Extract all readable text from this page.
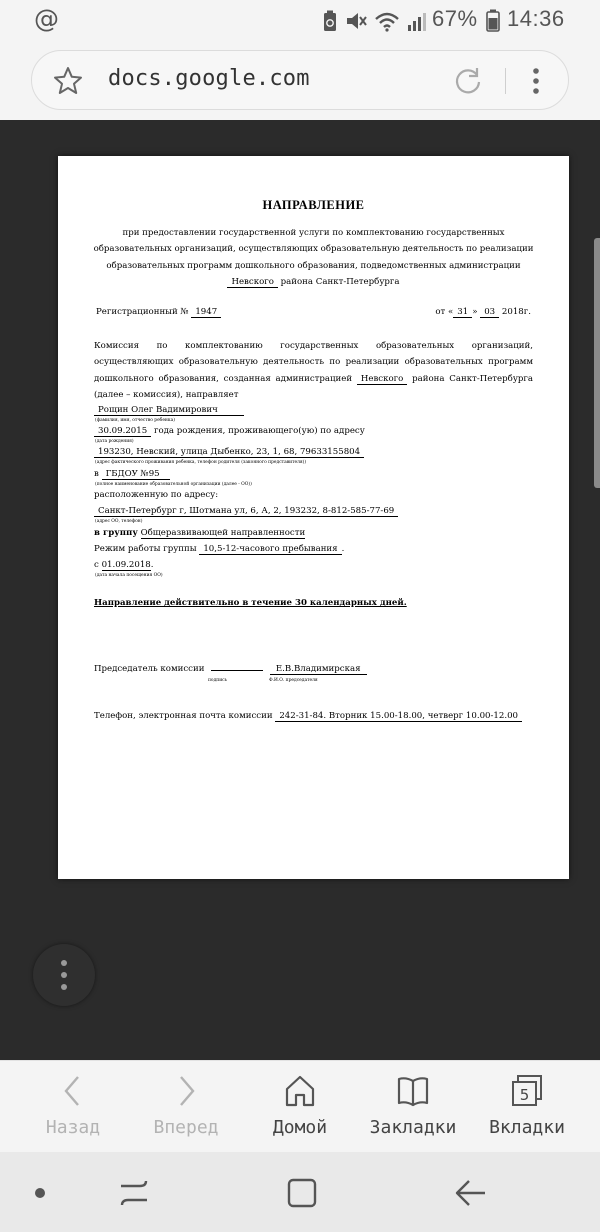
@	67% 14:36
docs.google.com
НАПРАВЛЕНИЕ
при предоставлении государственной услуги по комплектованию государственных
образовательных организаций, осуществляющих образовательную деятельность по реализации
образовательных программ дошкольного образования, подведомственных администрации
Невского района Санкт-Петербурга
Регистрационный № 1947	от « 31 » 03 2018г.
Комиссия по комплектованию государственных образовательных организаций, осуществляющих образовательную деятельность по реализации образовательных программ дошкольного образования, созданная администрацией Невского района Санкт-Петербурга (далее – комиссия), направляет
Рощин Олег Вадимирович
(фамилия, имя, отчество ребенка)
30.09.2015 года рождения, проживающего(ую) по адресу
(дата рождения)
193230, Невский, улица Дыбенко, 23, 1, 68, 79633155804
(адрес фактического проживания ребенка, телефон родителя (законного представителя))
в ГБДОУ №95
(полное наименование образовательной организации (далее - ОО))
расположенную по адресу:
Санкт-Петербург г, Шотмана ул, 6, А, 2, 193232, 8-812-585-77-69
(адрес ОО, телефон)
в группу Общеразвивающей направленности
Режим работы группы 10,5-12-часового пребывания .
с 01.09.2018.
(дата начала посещения ОО)
Направление действительно в течение 30 календарных дней.
Председатель комиссии	Е.В.Владимирская
подпись	Ф.И.О. председателя
Телефон, электронная почта комиссии 242-31-84. Вторник 15.00-18.00, четверг 10.00-12.00
Назад	Вперед	Домой	Закладки
5
Вкладки
